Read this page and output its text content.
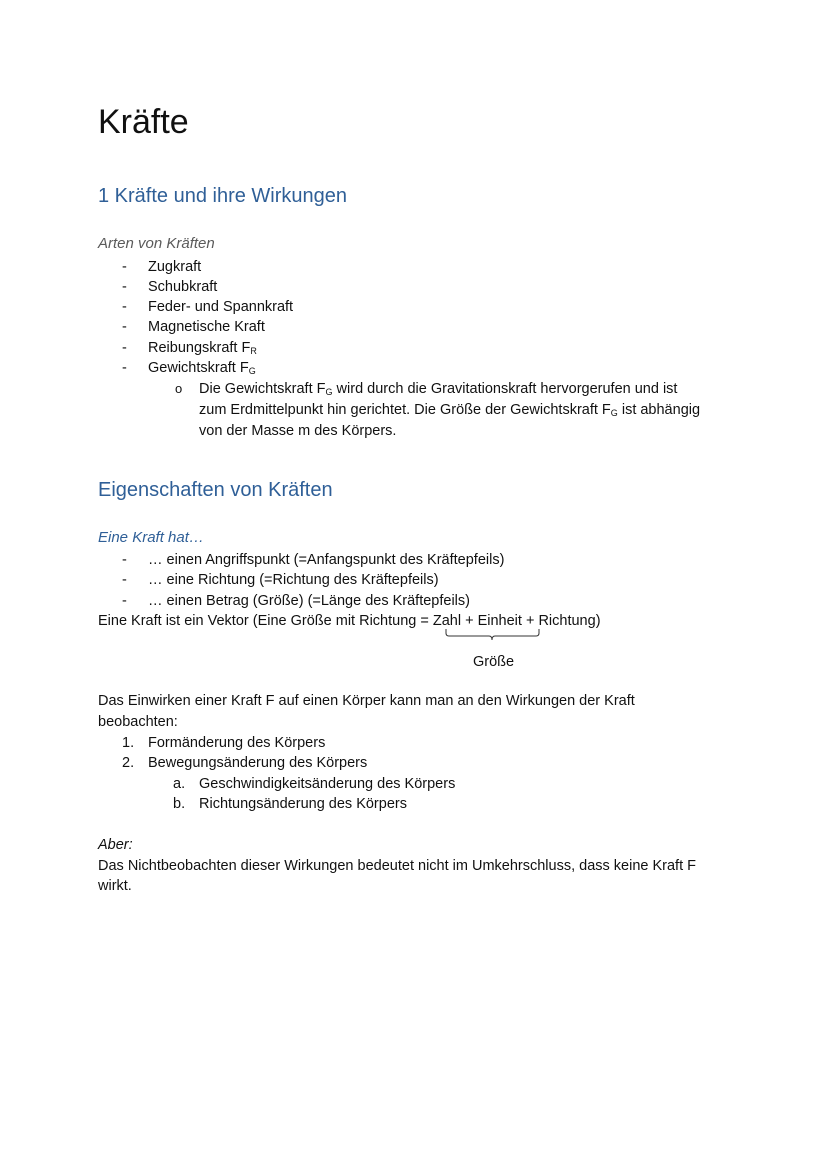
Kräfte
1 Kräfte und ihre Wirkungen
Arten von Kräften
- Zugkraft
- Schubkraft
- Feder- und Spannkraft
- Magnetische Kraft
- Reibungskraft $F_R$
- Gewichtskraft $F_G$
o Die Gewichtskraft $F_G$ wird durch die Gravitationskraft hervorgerufen und ist
zum Erdmittelpunkt hin gerichtet. Die Größe der Gewichtskraft $F_G$ ist abhängig
von der Masse m des Körpers.
Eigenschaften von Kräften
Eine Kraft hat…
- … einen Angriffspunkt (=Anfangspunkt des Kräftepfeils)
- … eine Richtung (=Richtung des Kräftepfeils)
- … einen Betrag (Größe) (=Länge des Kräftepfeils)
Eine Kraft ist ein Vektor (Eine Größe mit Richtung = Zahl + Einheit + Richtung)
Größe
Das Einwirken einer Kraft F auf einen Körper kann man an den Wirkungen der Kraft
beobachten:
1. Formänderung des Körpers
2. Bewegungsänderung des Körpers
a. Geschwindigkeitsänderung des Körpers
b. Richtungsänderung des Körpers
Aber:
Das Nichtbeobachten dieser Wirkungen bedeutet nicht im Umkehrschluss, dass keine Kraft F
wirkt.
